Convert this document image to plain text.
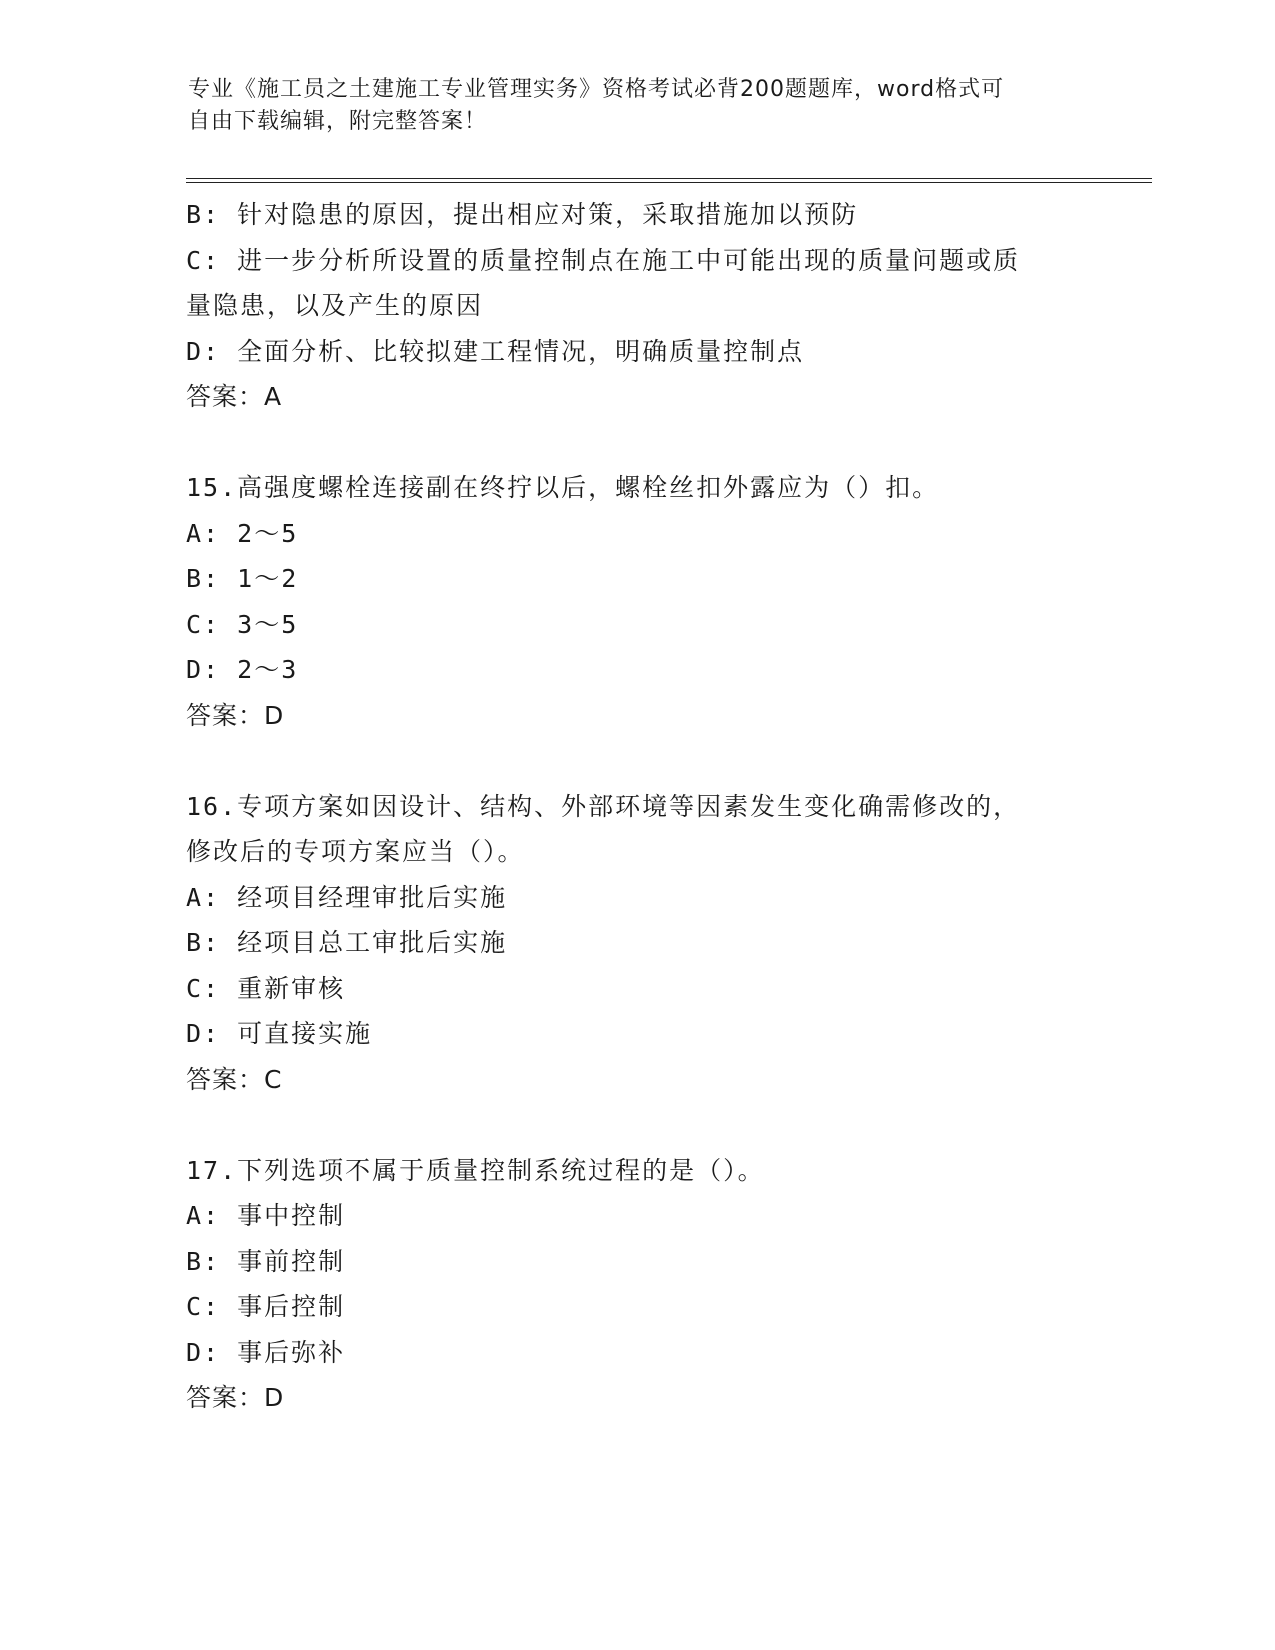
专业《施工员之土建施工专业管理实务》资格考试必背200题题库，word格式可
自由下载编辑，附完整答案！
B: 针对隐患的原因，提出相应对策，采取措施加以预防
C: 进一步分析所设置的质量控制点在施工中可能出现的质量问题或质
量隐患，以及产生的原因
D: 全面分析、比较拟建工程情况，明确质量控制点
答案：A
15.高强度螺栓连接副在终拧以后，螺栓丝扣外露应为（）扣。
A: 2～5
B: 1～2
C: 3～5
D: 2～3
答案：D
16.专项方案如因设计、结构、外部环境等因素发生变化确需修改的，
修改后的专项方案应当（）。
A: 经项目经理审批后实施
B: 经项目总工审批后实施
C: 重新审核
D: 可直接实施
答案：C
17.下列选项不属于质量控制系统过程的是（）。
A: 事中控制
B: 事前控制
C: 事后控制
D: 事后弥补
答案：D
